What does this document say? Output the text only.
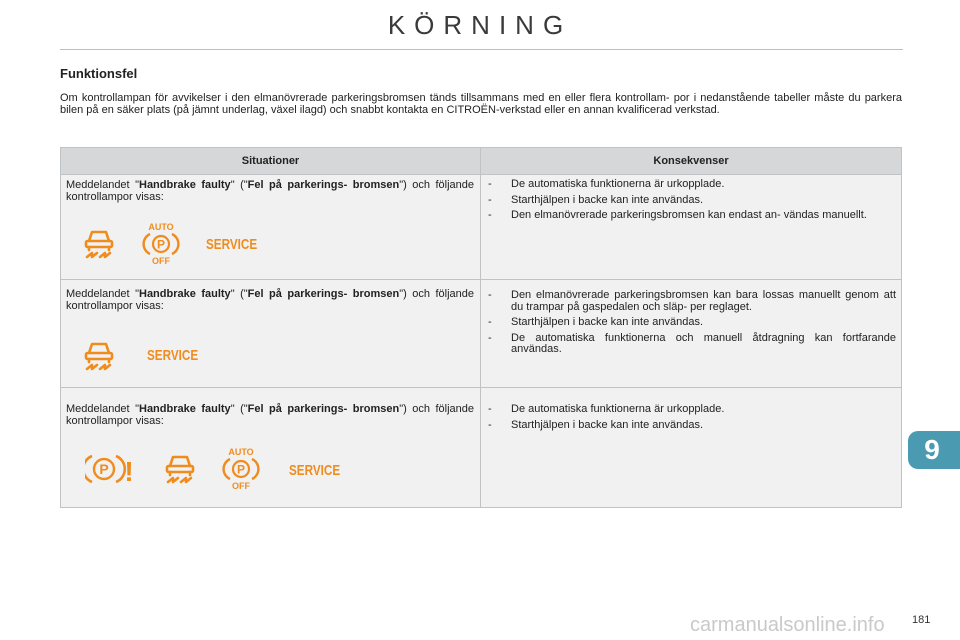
KÖRNING
Funktionsfel
Om kontrollampan för avvikelser i den elmanövrerade parkeringsbromsen tänds tillsammans med en eller flera kontrollam- por i nedanstående tabeller måste du parkera bilen på en säker plats (på jämnt underlag, växel ilagd) och snabbt kontakta en CITROËN-verkstad eller en annan kvalificerad verkstad.
Situationer	Konsekvenser
Meddelandet "Handbrake faulty" ("Fel på parkerings- bromsen") och följande kontrollampor visas:
AUTO
P
OFF
SERVICE
- De automatiska funktionerna är urkopplade.
- Starthjälpen i backe kan inte användas.
- Den elmanövrerade parkeringsbromsen kan endast an- vändas manuellt.
Meddelandet "Handbrake faulty" ("Fel på parkerings- bromsen") och följande kontrollampor visas:
SERVICE
- Den elmanövrerade parkeringsbromsen kan bara lossas manuellt genom att du trampar på gaspedalen och släp- per reglaget.
- Starthjälpen i backe kan inte användas.
- De automatiska funktionerna och manuell åtdragning kan fortfarande användas.
Meddelandet "Handbrake faulty" ("Fel på parkerings- bromsen") och följande kontrollampor visas:
P !
AUTO
P
OFF
SERVICE
- De automatiska funktionerna är urkopplade.
- Starthjälpen i backe kan inte användas.
9
carmanualsonline.info 181
